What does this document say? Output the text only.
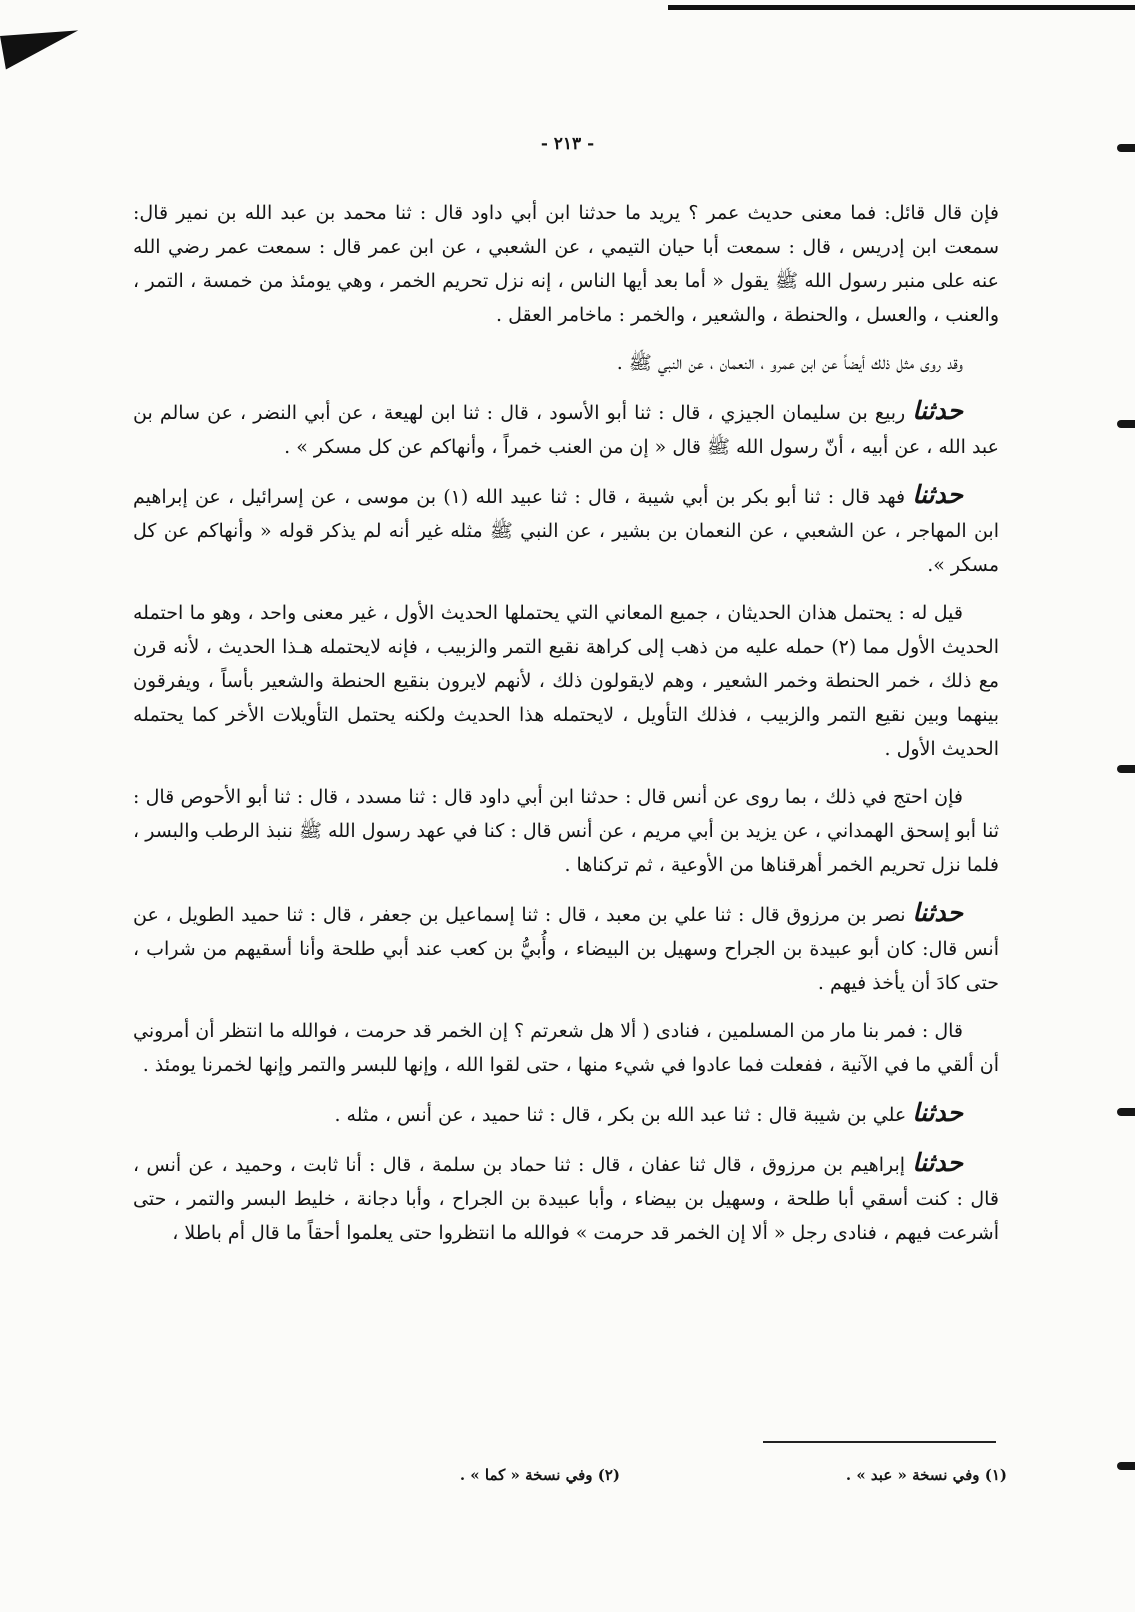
- ٢١٣ -

فإن قال قائل: فما معنى حديث عمر ؟ يريد ما حدثنا ابن أبي داود قال : ثنا محمد بن عبد الله بن نمير قال: سمعت ابن إدريس ، قال : سمعت أبا حيان التيمي ، عن الشعبي ، عن ابن عمر قال : سمعت عمر رضي الله عنه على منبر رسول الله ﷺ يقول « أما بعد أيها الناس ، إنه نزل تحريم الخمر ، وهي يومئذ من خمسة ، التمر ، والعنب ، والعسل ، والحنطة ، والشعير ، والخمر : ماخامر العقل .

وقد روى مثل ذلك أيضاً عن ابن عمرو ، النعمان ، عن النبي ﷺ .

حدثنا ربيع بن سليمان الجيزي ، قال : ثنا أبو الأسود ، قال : ثنا ابن لهيعة ، عن أبي النضر ، عن سالم بن عبد الله ، عن أبيه ، أنّ رسول الله ﷺ قال « إن من العنب خمراً ، وأنهاكم عن كل مسكر » .

حدثنا فهد قال : ثنا أبو بكر بن أبي شيبة ، قال : ثنا عبيد الله (١) بن موسى ، عن إسرائيل ، عن إبراهيم ابن المهاجر ، عن الشعبي ، عن النعمان بن بشير ، عن النبي ﷺ مثله غير أنه لم يذكر قوله « وأنهاكم عن كل مسكر ».

قيل له : يحتمل هذان الحديثان ، جميع المعاني التي يحتملها الحديث الأول ، غير معنى واحد ، وهو ما احتمله الحديث الأول مما (٢) حمله عليه من ذهب إلى كراهة نقيع التمر والزبيب ، فإنه لايحتمله هـذا الحديث ، لأنه قرن مع ذلك ، خمر الحنطة وخمر الشعير ، وهم لايقولون ذلك ، لأنهم لايرون بنقيع الحنطة والشعير بأساً ، ويفرقون بينهما وبين نقيع التمر والزبيب ، فذلك التأويل ، لايحتمله هذا الحديث ولكنه يحتمل التأويلات الأخر كما يحتمله الحديث الأول .

فإن احتج في ذلك ، بما روى عن أنس قال : حدثنا ابن أبي داود قال : ثنا مسدد ، قال : ثنا أبو الأحوص قال : ثنا أبو إسحق الهمداني ، عن يزيد بن أبي مريم ، عن أنس قال : كنا في عهد رسول الله ﷺ ننبذ الرطب والبسر ، فلما نزل تحريم الخمر أهرقناها من الأوعية ، ثم تركناها .

حدثنا نصر بن مرزوق قال : ثنا علي بن معبد ، قال : ثنا إسماعيل بن جعفر ، قال : ثنا حميد الطويل ، عن أنس قال: كان أبو عبيدة بن الجراح وسهيل بن البيضاء ، وأُبيُّ بن كعب عند أبي طلحة وأنا أسقيهم من شراب ، حتى كادَ أن يأخذ فيهم .

قال : فمر بنا مار من المسلمين ، فنادى ( ألا هل شعرتم ؟ إن الخمر قد حرمت ، فوالله ما انتظر أن أمروني أن ألقي ما في الآنية ، ففعلت فما عادوا في شيء منها ، حتى لقوا الله ، وإنها للبسر والتمر وإنها لخمرنا يومئذ .

حدثنا علي بن شيبة قال : ثنا عبد الله بن بكر ، قال : ثنا حميد ، عن أنس ، مثله .

حدثنا إبراهيم بن مرزوق ، قال ثنا عفان ، قال : ثنا حماد بن سلمة ، قال : أنا ثابت ، وحميد ، عن أنس ، قال : كنت أسقي أبا طلحة ، وسهيل بن بيضاء ، وأبا عبيدة بن الجراح ، وأبا دجانة ، خليط البسر والتمر ، حتى أشرعت فيهم ، فنادى رجل « ألا إن الخمر قد حرمت » فوالله ما انتظروا حتى يعلموا أحقاً ما قال أم باطلا ،

(١) وفي نسخة « عبد » .
(٢) وفي نسخة « كما » .
